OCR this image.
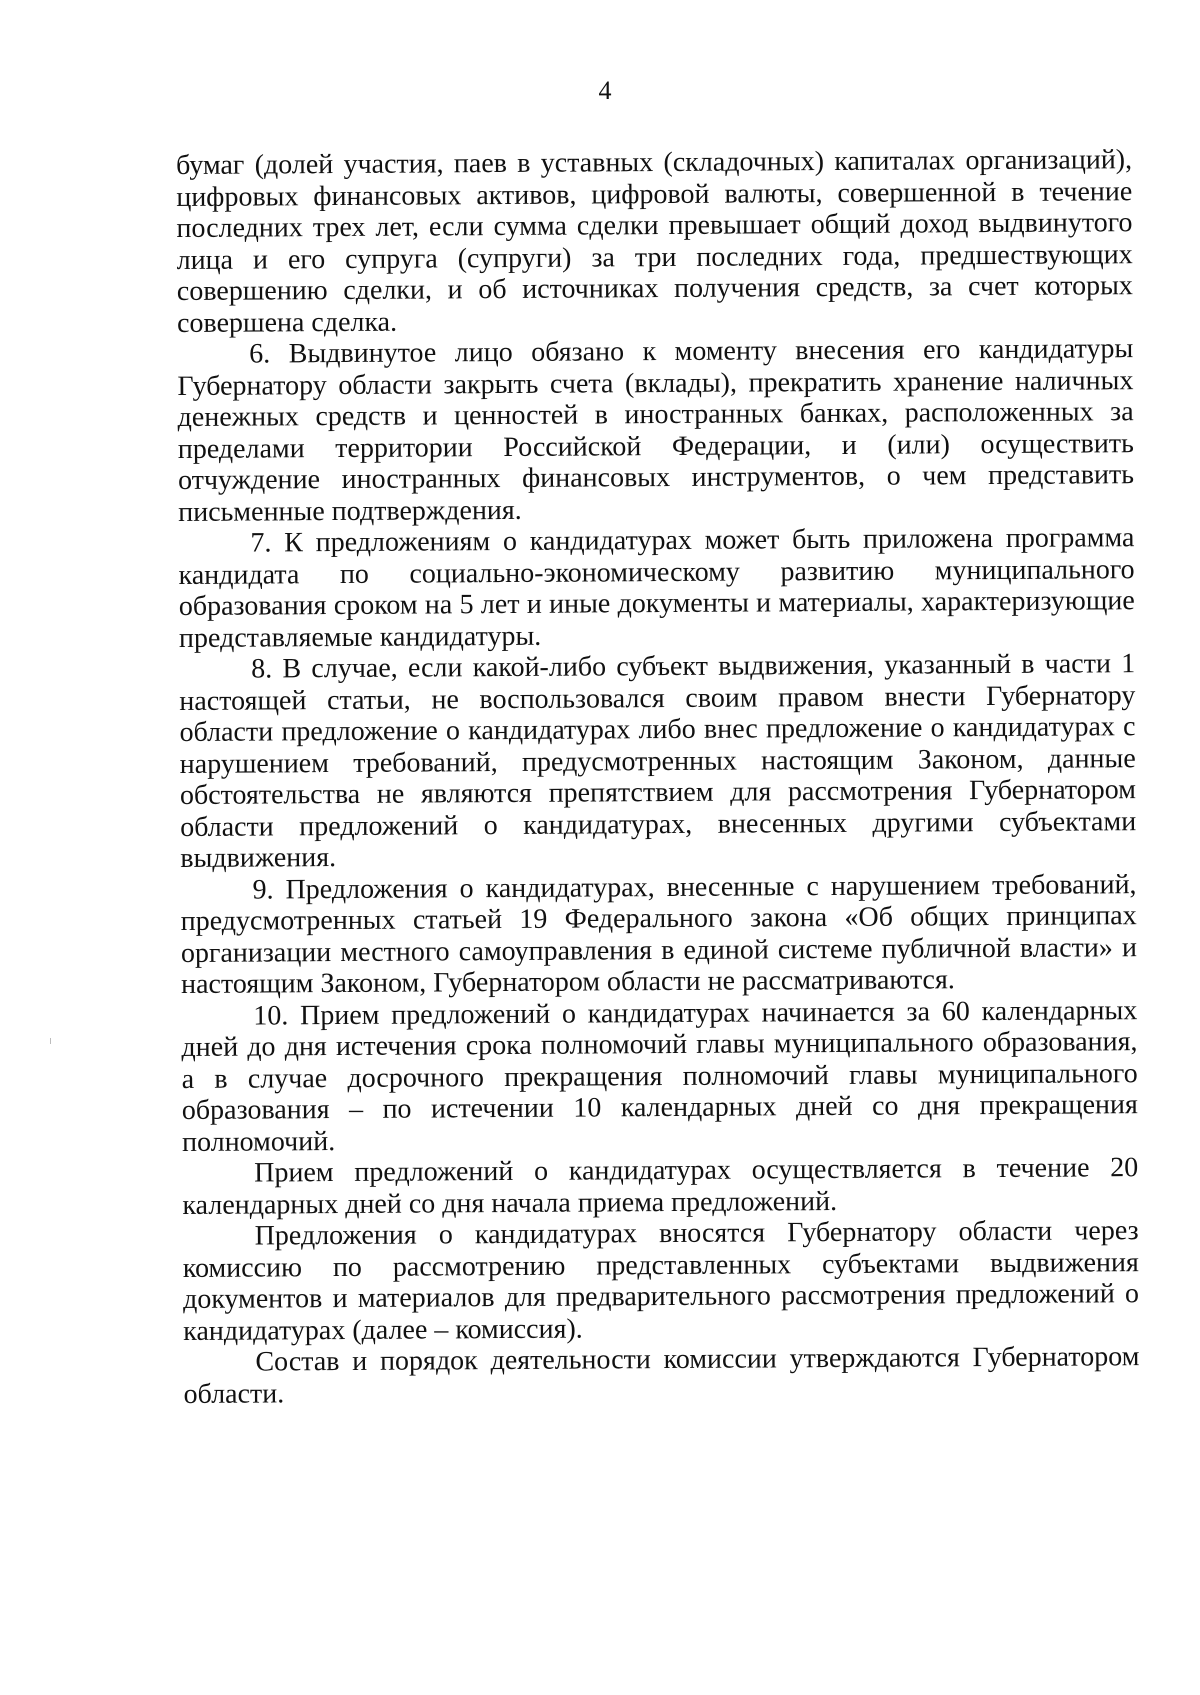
4

бумаг (долей участия, паев в уставных (складочных) капиталах организаций), цифровых финансовых активов, цифровой валюты, совершенной в течение последних трех лет, если сумма сделки превышает общий доход выдвинутого лица и его супруга (супруги) за три последних года, предшествующих совершению сделки, и об источниках получения средств, за счет которых совершена сделка.

6. Выдвинутое лицо обязано к моменту внесения его кандидатуры Губернатору области закрыть счета (вклады), прекратить хранение наличных денежных средств и ценностей в иностранных банках, расположенных за пределами территории Российской Федерации, и (или) осуществить отчуждение иностранных финансовых инструментов, о чем представить письменные подтверждения.

7. К предложениям о кандидатурах может быть приложена программа кандидата по социально-экономическому развитию муниципального образования сроком на 5 лет и иные документы и материалы, характеризующие представляемые кандидатуры.

8. В случае, если какой-либо субъект выдвижения, указанный в части 1 настоящей статьи, не воспользовался своим правом внести Губернатору области предложение о кандидатурах либо внес предложение о кандидатурах с нарушением требований, предусмотренных настоящим Законом, данные обстоятельства не являются препятствием для рассмотрения Губернатором области предложений о кандидатурах, внесенных другими субъектами выдвижения.

9. Предложения о кандидатурах, внесенные с нарушением требований, предусмотренных статьей 19 Федерального закона «Об общих принципах организации местного самоуправления в единой системе публичной власти» и настоящим Законом, Губернатором области не рассматриваются.

10. Прием предложений о кандидатурах начинается за 60 календарных дней до дня истечения срока полномочий главы муниципального образования, а в случае досрочного прекращения полномочий главы муниципального образования – по истечении 10 календарных дней со дня прекращения полномочий.

Прием предложений о кандидатурах осуществляется в течение 20 календарных дней со дня начала приема предложений.

Предложения о кандидатурах вносятся Губернатору области через комиссию по рассмотрению представленных субъектами выдвижения документов и материалов для предварительного рассмотрения предложений о кандидатурах (далее – комиссия).

Состав и порядок деятельности комиссии утверждаются Губернатором области.
